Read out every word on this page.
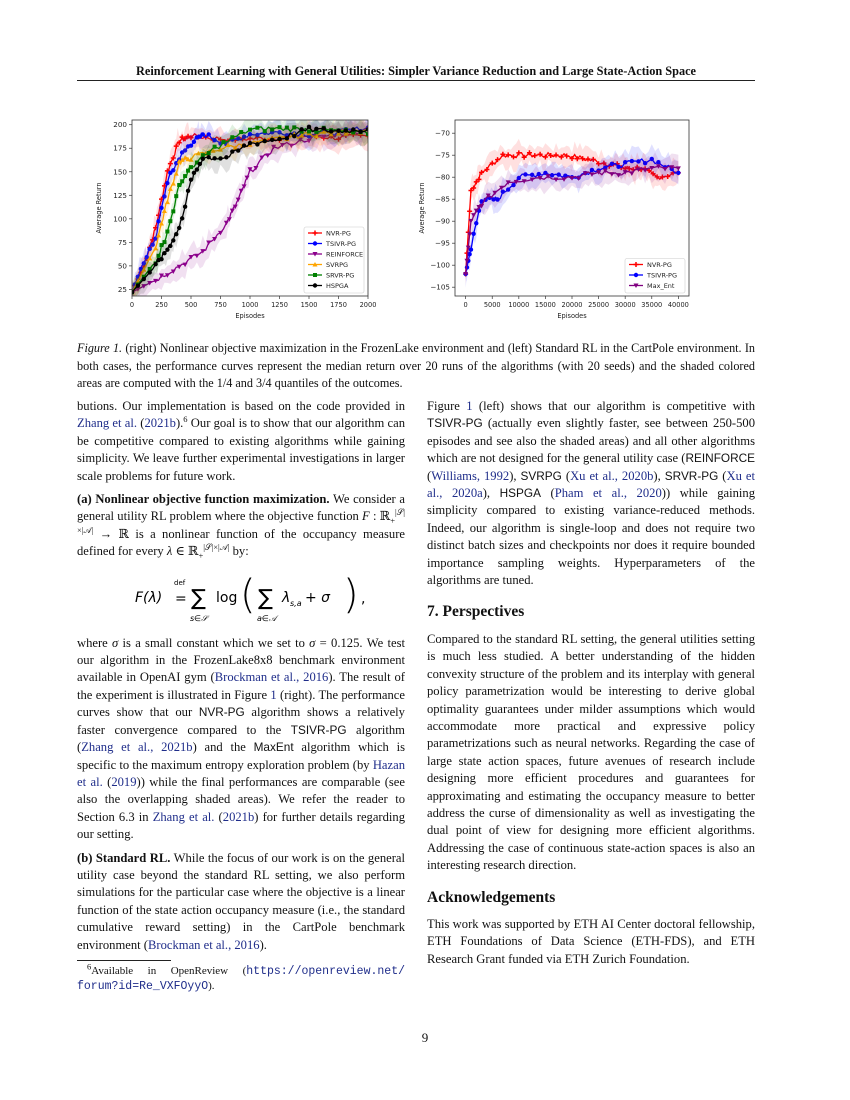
Reinforcement Learning with General Utilities: Simpler Variance Reduction and Large State-Action Space
0	250	500	750 1000 1250 1500 1750 2000
25
50
75
100
125
150
175
200
Episodes
Average Return	NVR-PG
TSIVR-PG
REINFORCE
SVRPG
SRVR-PG
HSPGA
0 5000 10000 15000 20000 25000 30000 35000 40000
−70
−75
−80
−85
−90
−95
−100
−105
Episodes
Average Return
NVR-PG
TSIVR-PG
Max_Ent
Figure 1. (right) Nonlinear objective maximization in the FrozenLake environment and (left) Standard RL in the CartPole environment. In both cases, the performance curves represent the median return over 20 runs of the algorithms (with 20 seeds) and the shaded colored areas are computed with the 1/4 and 3/4 quantiles of the outcomes.

butions. Our implementation is based on the code provided in Zhang et al. (2021b).$^6$ Our goal is to show that our algorithm can be competitive compared to existing algorithms while gaining simplicity. We leave further experimental investigations in larger scale problems for future work.

(a) Nonlinear objective function maximization. We consider a general utility RL problem where the objective function F : ℝ$_+^{|𝒮|\times|𝒜|}$ → ℝ is a nonlinear function of the occupancy measure defined for every λ ∈ ℝ$_+^{|𝒮|\times|𝒜|}$ by:

F(λ)
def
= ∑
s∈𝒮
log ( ∑
a∈𝒜
λ s,a + σ ) ,

where σ is a small constant which we set to σ = 0.125. We test our algorithm in the FrozenLake8x8 benchmark environment available in OpenAI gym (Brockman et al., 2016). The result of the experiment is illustrated in Figure 1 (right). The performance curves show that our NVR-PG algorithm shows a relatively faster convergence compared to the TSIVR-PG algorithm (Zhang et al., 2021b) and the MaxEnt algorithm which is specific to the maximum entropy exploration problem (by Hazan et al. (2019)) while the final performances are comparable (see also the overlapping shaded areas). We refer the reader to Section 6.3 in Zhang et al. (2021b) for further details regarding our setting.

(b) Standard RL. While the focus of our work is on the general utility case beyond the standard RL setting, we also perform simulations for the particular case where the objective is a linear function of the state action occupancy measure (i.e., the standard cumulative reward setting) in the CartPole benchmark environment (Brockman et al., 2016).

$^6$Available in OpenReview (https://openreview.net/ forum?id=Re_VXFOyyO).

Figure 1 (left) shows that our algorithm is competitive with TSIVR-PG (actually even slightly faster, see between 250-500 episodes and see also the shaded areas) and all other algorithms which are not designed for the general utility case (REINFORCE (Williams, 1992), SVRPG (Xu et al., 2020b), SRVR-PG (Xu et al., 2020a), HSPGA (Pham et al., 2020)) while gaining simplicity compared to existing variance-reduced methods. Indeed, our algorithm is single-loop and does not require two distinct batch sizes and checkpoints nor does it require bounded importance sampling weights. Hyperparameters of the algorithms are tuned.

7. Perspectives

Compared to the standard RL setting, the general utilities setting is much less studied. A better understanding of the hidden convexity structure of the problem and its interplay with general policy parametrization would be interesting to derive global optimality guarantees under milder assumptions which would accommodate more practical and expressive policy parametrizations such as neural networks. Regarding the case of large state action spaces, future avenues of research include designing more efficient procedures and guarantees for approximating and estimating the occupancy measure to better address the curse of dimensionality as well as investigating the dual point of view for designing more efficient algorithms. Addressing the case of continuous state-action spaces is also an interesting research direction.

Acknowledgements

This work was supported by ETH AI Center doctoral fellowship, ETH Foundations of Data Science (ETH-FDS), and ETH Research Grant funded via ETH Zurich Foundation.

9
